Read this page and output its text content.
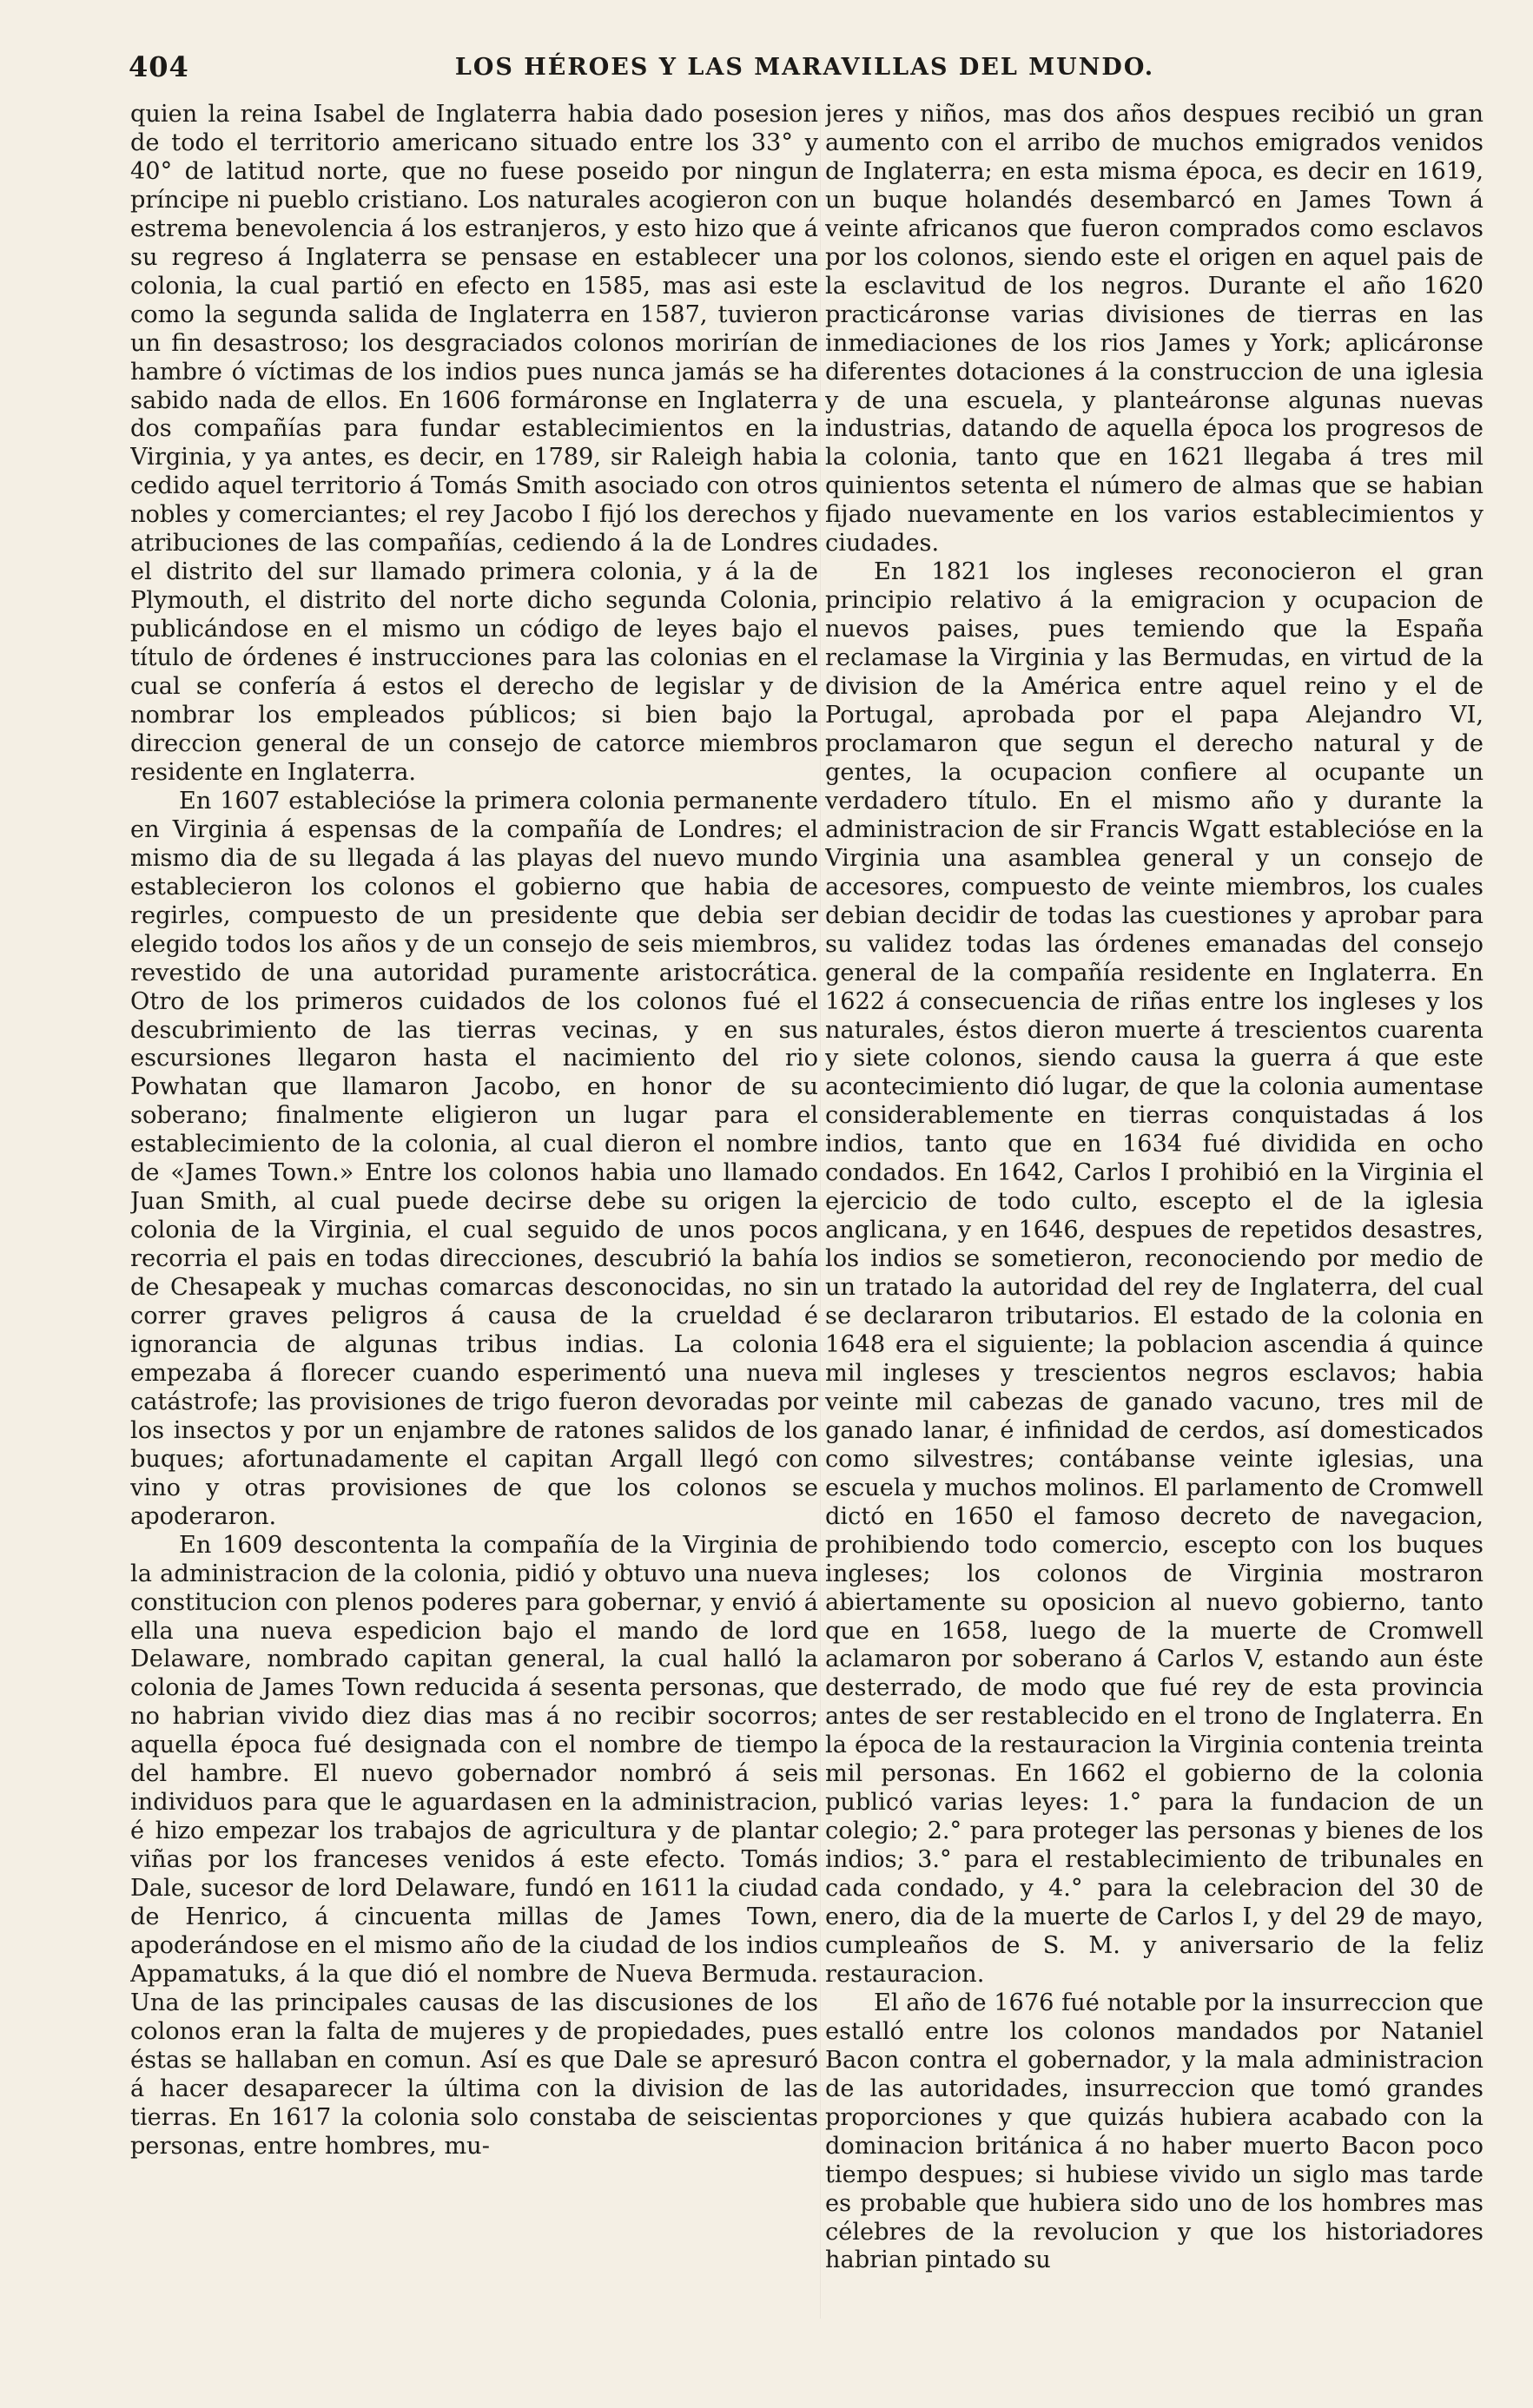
404	LOS HÉROES Y LAS MARAVILLAS DEL MUNDO.

quien la reina Isabel de Inglaterra habia dado posesion de todo el territorio americano situado entre los 33° y 40° de latitud norte, que no fuese poseido por ningun príncipe ni pueblo cristiano. Los naturales acogieron con estrema benevolencia á los estranjeros, y esto hizo que á su regreso á Inglaterra se pensase en establecer una colonia, la cual partió en efecto en 1585, mas asi este como la segunda salida de Inglaterra en 1587, tuvieron un fin desastroso; los desgraciados colonos morirían de hambre ó víctimas de los indios pues nunca jamás se ha sabido nada de ellos. En 1606 formáronse en Inglaterra dos compañías para fundar establecimientos en la Virginia, y ya antes, es decir, en 1789, sir Raleigh habia cedido aquel territorio á Tomás Smith asociado con otros nobles y comerciantes; el rey Jacobo I fijó los derechos y atribuciones de las compañías, cediendo á la de Londres el distrito del sur llamado primera colonia, y á la de Plymouth, el distrito del norte dicho segunda Colonia, publicándose en el mismo un código de leyes bajo el título de órdenes é instrucciones para las colonias en el cual se confería á estos el derecho de legislar y de nombrar los empleados públicos; si bien bajo la direccion general de un consejo de catorce miembros residente en Inglaterra.

En 1607 establecióse la primera colonia permanente en Virginia á espensas de la compañía de Londres; el mismo dia de su llegada á las playas del nuevo mundo establecieron los colonos el gobierno que habia de regirles, compuesto de un presidente que debia ser elegido todos los años y de un consejo de seis miembros, revestido de una autoridad puramente aristocrática. Otro de los primeros cuidados de los colonos fué el descubrimiento de las tierras vecinas, y en sus escursiones llegaron hasta el nacimiento del rio Powhatan que llamaron Jacobo, en honor de su soberano; finalmente eligieron un lugar para el establecimiento de la colonia, al cual dieron el nombre de «James Town.» Entre los colonos habia uno llamado Juan Smith, al cual puede decirse debe su origen la colonia de la Virginia, el cual seguido de unos pocos recorria el pais en todas direcciones, descubrió la bahía de Chesapeak y muchas comarcas desconocidas, no sin correr graves peligros á causa de la crueldad é ignorancia de algunas tribus indias. La colonia empezaba á florecer cuando esperimentó una nueva catástrofe; las provisiones de trigo fueron devoradas por los insectos y por un enjambre de ratones salidos de los buques; afortunadamente el capitan Argall llegó con vino y otras provisiones de que los colonos se apoderaron.

En 1609 descontenta la compañía de la Virginia de la administracion de la colonia, pidió y obtuvo una nueva constitucion con plenos poderes para gobernar, y envió á ella una nueva espedicion bajo el mando de lord Delaware, nombrado capitan general, la cual halló la colonia de James Town reducida á sesenta personas, que no habrian vivido diez dias mas á no recibir socorros; aquella época fué designada con el nombre de tiempo del hambre. El nuevo gobernador nombró á seis individuos para que le aguardasen en la administracion, é hizo empezar los trabajos de agricultura y de plantar viñas por los franceses venidos á este efecto. Tomás Dale, sucesor de lord Delaware, fundó en 1611 la ciudad de Henrico, á cincuenta millas de James Town, apoderándose en el mismo año de la ciudad de los indios Appamatuks, á la que dió el nombre de Nueva Bermuda. Una de las principales causas de las discusiones de los colonos eran la falta de mujeres y de propiedades, pues éstas se hallaban en comun. Así es que Dale se apresuró á hacer desaparecer la última con la division de las tierras. En 1617 la colonia solo constaba de seiscientas personas, entre hombres, mu-

jeres y niños, mas dos años despues recibió un gran aumento con el arribo de muchos emigrados venidos de Inglaterra; en esta misma época, es decir en 1619, un buque holandés desembarcó en James Town á veinte africanos que fueron comprados como esclavos por los colonos, siendo este el origen en aquel pais de la esclavitud de los negros. Durante el año 1620 practicáronse varias divisiones de tierras en las inmediaciones de los rios James y York; aplicáronse diferentes dotaciones á la construccion de una iglesia y de una escuela, y planteáronse algunas nuevas industrias, datando de aquella época los progresos de la colonia, tanto que en 1621 llegaba á tres mil quinientos setenta el número de almas que se habian fijado nuevamente en los varios establecimientos y ciudades.

En 1821 los ingleses reconocieron el gran principio relativo á la emigracion y ocupacion de nuevos paises, pues temiendo que la España reclamase la Virginia y las Bermudas, en virtud de la division de la América entre aquel reino y el de Portugal, aprobada por el papa Alejandro VI, proclamaron que segun el derecho natural y de gentes, la ocupacion confiere al ocupante un verdadero título. En el mismo año y durante la administracion de sir Francis Wgatt establecióse en la Virginia una asamblea general y un consejo de accesores, compuesto de veinte miembros, los cuales debian decidir de todas las cuestiones y aprobar para su validez todas las órdenes emanadas del consejo general de la compañía residente en Inglaterra. En 1622 á consecuencia de riñas entre los ingleses y los naturales, éstos dieron muerte á trescientos cuarenta y siete colonos, siendo causa la guerra á que este acontecimiento dió lugar, de que la colonia aumentase considerablemente en tierras conquistadas á los indios, tanto que en 1634 fué dividida en ocho condados. En 1642, Carlos I prohibió en la Virginia el ejercicio de todo culto, escepto el de la iglesia anglicana, y en 1646, despues de repetidos desastres, los indios se sometieron, reconociendo por medio de un tratado la autoridad del rey de Inglaterra, del cual se declararon tributarios. El estado de la colonia en 1648 era el siguiente; la poblacion ascendia á quince mil ingleses y trescientos negros esclavos; habia veinte mil cabezas de ganado vacuno, tres mil de ganado lanar, é infinidad de cerdos, así domesticados como silvestres; contábanse veinte iglesias, una escuela y muchos molinos. El parlamento de Cromwell dictó en 1650 el famoso decreto de navegacion, prohibiendo todo comercio, escepto con los buques ingleses; los colonos de Virginia mostraron abiertamente su oposicion al nuevo gobierno, tanto que en 1658, luego de la muerte de Cromwell aclamaron por soberano á Carlos V, estando aun éste desterrado, de modo que fué rey de esta provincia antes de ser restablecido en el trono de Inglaterra. En la época de la restauracion la Virginia contenia treinta mil personas. En 1662 el gobierno de la colonia publicó varias leyes: 1.° para la fundacion de un colegio; 2.° para proteger las personas y bienes de los indios; 3.° para el restablecimiento de tribunales en cada condado, y 4.° para la celebracion del 30 de enero, dia de la muerte de Carlos I, y del 29 de mayo, cumpleaños de S. M. y aniversario de la feliz restauracion.

El año de 1676 fué notable por la insurreccion que estalló entre los colonos mandados por Nataniel Bacon contra el gobernador, y la mala administracion de las autoridades, insurreccion que tomó grandes proporciones y que quizás hubiera acabado con la dominacion británica á no haber muerto Bacon poco tiempo despues; si hubiese vivido un siglo mas tarde es probable que hubiera sido uno de los hombres mas célebres de la revolucion y que los historiadores habrian pintado su
